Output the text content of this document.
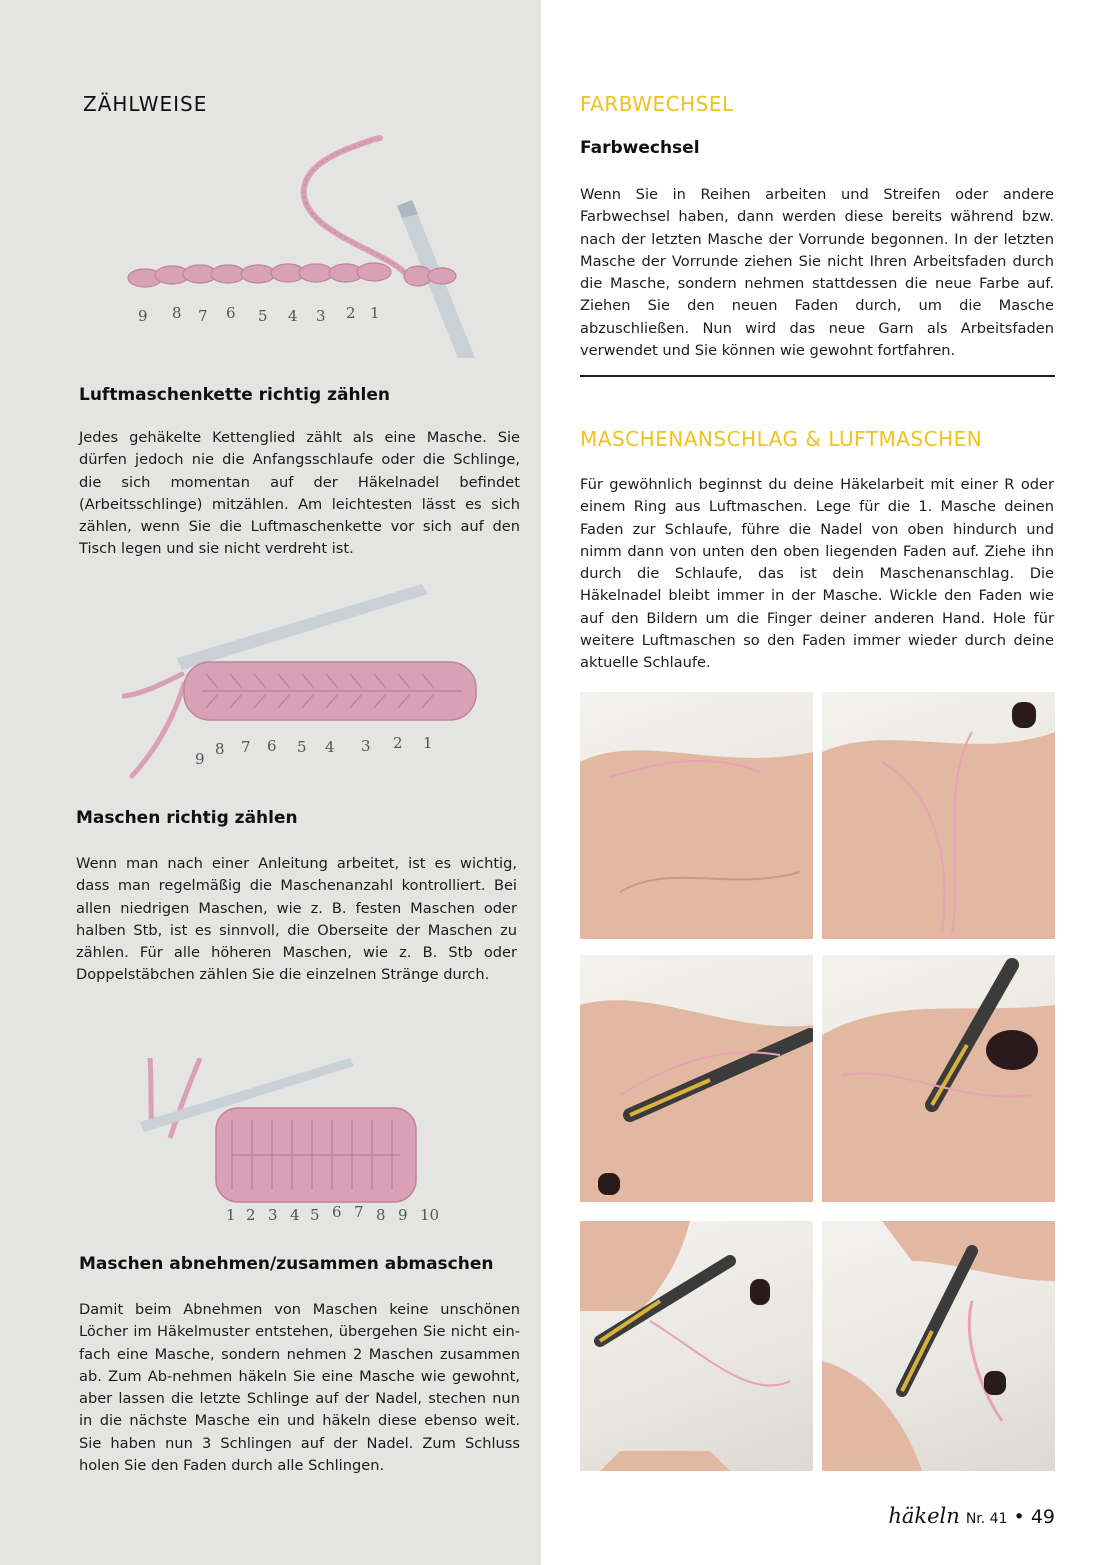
ZÄHLWEISE
9 8 7 6 5 4 3 2 1
Luftmaschenkette richtig zählen

Jedes gehäkelte Kettenglied zählt als eine Masche. Sie dürfen jedoch nie die Anfangsschlaufe oder die Schlinge, die sich momentan auf der Häkelnadel befindet (Arbeitsschlinge) mitzählen. Am leichtesten lässt es sich zählen, wenn Sie die Luftmaschenkette vor sich auf den Tisch legen und sie nicht verdreht ist.

9
8 7 6 5 4 3 2 1
Maschen richtig zählen

Wenn man nach einer Anleitung arbeitet, ist es wichtig, dass man regelmäßig die Maschenanzahl kontrolliert. Bei allen niedrigen Maschen, wie z. B. festen Maschen oder halben Stb, ist es sinnvoll, die Oberseite der Maschen zu zählen. Für alle höheren Maschen, wie z. B. Stb oder Doppelstäbchen zählen Sie die einzelnen Stränge durch.

1 2 3 4 5 6 7 8 9 10
Maschen abnehmen/zusammen abmaschen

Damit beim Abnehmen von Maschen keine unschönen Löcher im Häkelmuster entstehen, übergehen Sie nicht ein-fach eine Masche, sondern nehmen 2 Maschen zusammen ab. Zum Ab-nehmen häkeln Sie eine Masche wie gewohnt, aber lassen die letzte Schlinge auf der Nadel, stechen nun in die nächste Masche ein und häkeln diese ebenso weit. Sie haben nun 3 Schlingen auf der Nadel. Zum Schluss holen Sie den Faden durch alle Schlingen.

FARBWECHSEL
Farbwechsel

Wenn Sie in Reihen arbeiten und Streifen oder andere Farbwechsel haben, dann werden diese bereits während bzw. nach der letzten Masche der Vorrunde begonnen. In der letzten Masche der Vorrunde ziehen Sie nicht Ihren Arbeitsfaden durch die Masche, sondern nehmen stattdessen die neue Farbe auf. Ziehen Sie den neuen Faden durch, um die Masche abzuschließen. Nun wird das neue Garn als Arbeitsfaden verwendet und Sie können wie gewohnt fortfahren.

MASCHENANSCHLAG & LUFTMASCHEN

Für gewöhnlich beginnst du deine Häkelarbeit mit einer R oder einem Ring aus Luftmaschen. Lege für die 1. Masche deinen Faden zur Schlaufe, führe die Nadel von oben hindurch und nimm dann von unten den oben liegenden Faden auf. Ziehe ihn durch die Schlaufe, das ist dein Maschenanschlag. Die Häkelnadel bleibt immer in der Masche. Wickle den Faden wie auf den Bildern um die Finger deiner anderen Hand. Hole für weitere Luftmaschen so den Faden immer wieder durch deine aktuelle Schlaufe.

häkeln Nr. 41 • 49
